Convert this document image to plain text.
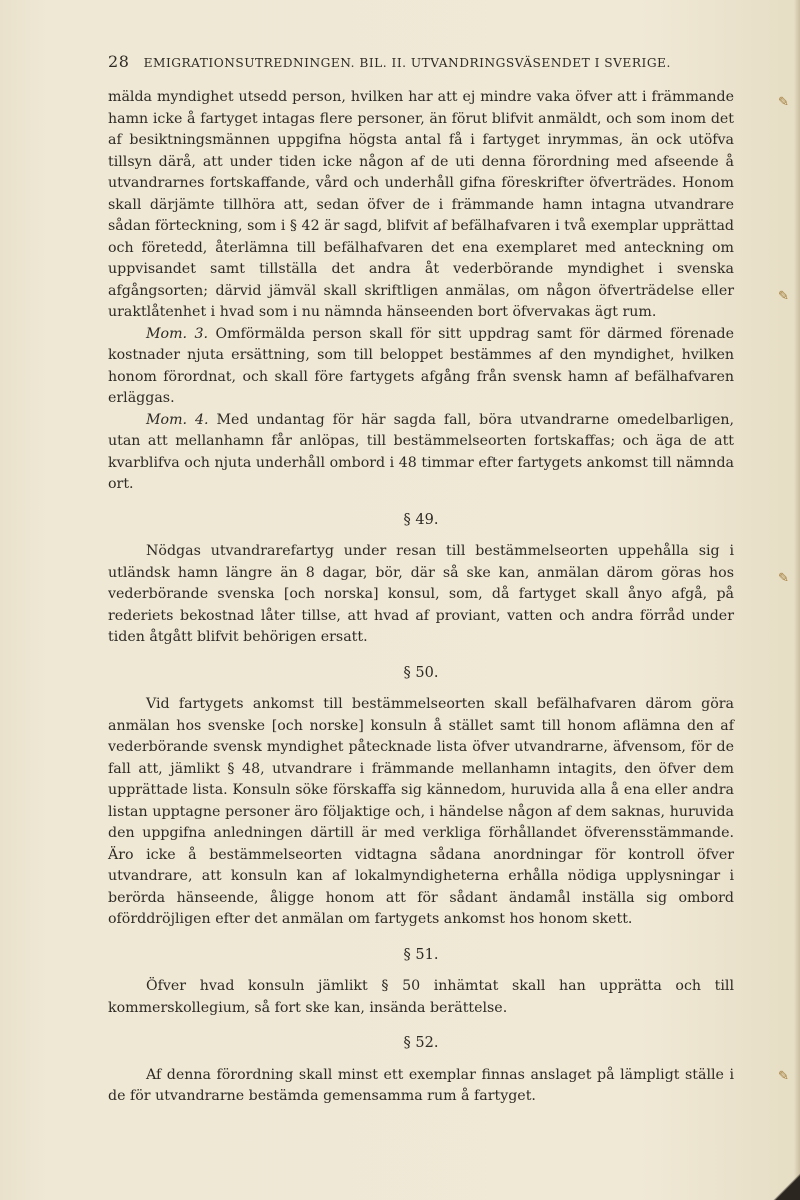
28 EMIGRATIONSUTREDNINGEN. BIL. II. UTVANDRINGSVÄSENDET I SVERIGE.

mälda myndighet utsedd person, hvilken har att ej mindre vaka öfver att i främmande hamn icke å fartyget intagas flere personer, än förut blifvit anmäldt, och som inom det af besiktningsmännen uppgifna högsta antal få i fartyget inrymmas, än ock utöfva tillsyn därå, att under tiden icke någon af de uti denna förordning med afseende å utvandrarnes fortskaffande, vård och underhåll gifna föreskrifter öfverträdes. Honom skall därjämte tillhöra att, sedan öfver de i främmande hamn intagna utvandrare sådan förteckning, som i § 42 är sagd, blifvit af befälhafvaren i två exemplar upprättad och företedd, återlämna till befälhafvaren det ena exemplaret med anteckning om uppvisandet samt tillställa det andra åt vederbörande myndighet i svenska afgångsorten; därvid jämväl skall skriftligen anmälas, om någon öfverträdelse eller uraktlåtenhet i hvad som i nu nämnda hänseenden bort öfvervakas ägt rum.

Mom. 3. Omförmälda person skall för sitt uppdrag samt för därmed förenade kostnader njuta ersättning, som till beloppet bestämmes af den myndighet, hvilken honom förordnat, och skall före fartygets afgång från svensk hamn af befälhafvaren erläggas.

Mom. 4. Med undantag för här sagda fall, böra utvandrarne omedelbarligen, utan att mellanhamn får anlöpas, till bestämmelseorten fortskaffas; och äga de att kvarblifva och njuta underhåll ombord i 48 timmar efter fartygets ankomst till nämnda ort.

§ 49.

Nödgas utvandrarefartyg under resan till bestämmelseorten uppehålla sig i utländsk hamn längre än 8 dagar, bör, där så ske kan, anmälan därom göras hos vederbörande svenska [och norska] konsul, som, då fartyget skall ånyo afgå, på rederiets bekostnad låter tillse, att hvad af proviant, vatten och andra förråd under tiden åtgått blifvit behörigen ersatt.

§ 50.

Vid fartygets ankomst till bestämmelseorten skall befälhafvaren därom göra anmälan hos svenske [och norske] konsuln å stället samt till honom aflämna den af vederbörande svensk myndighet påtecknade lista öfver utvandrarne, äfvensom, för de fall att, jämlikt § 48, utvandrare i främmande mellanhamn intagits, den öfver dem upprättade lista. Konsuln söke förskaffa sig kännedom, huruvida alla å ena eller andra listan upptagne personer äro följaktige och, i händelse någon af dem saknas, huruvida den uppgifna anledningen därtill är med verkliga förhållandet öfverensstämmande. Äro icke å bestämmelseorten vidtagna sådana anordningar för kontroll öfver utvandrare, att konsuln kan af lokalmyndigheterna erhålla nödiga upplysningar i berörda hänseende, åligge honom att för sådant ändamål inställa sig ombord oförddröjligen efter det anmälan om fartygets ankomst hos honom skett.

§ 51.

Öfver hvad konsuln jämlikt § 50 inhämtat skall han upprätta och till kommerskollegium, så fort ske kan, insända berättelse.

§ 52.

Af denna förordning skall minst ett exemplar finnas anslaget på lämpligt ställe i de för utvandrarne bestämda gemensamma rum å fartyget.

✎
✎
✎
✎
